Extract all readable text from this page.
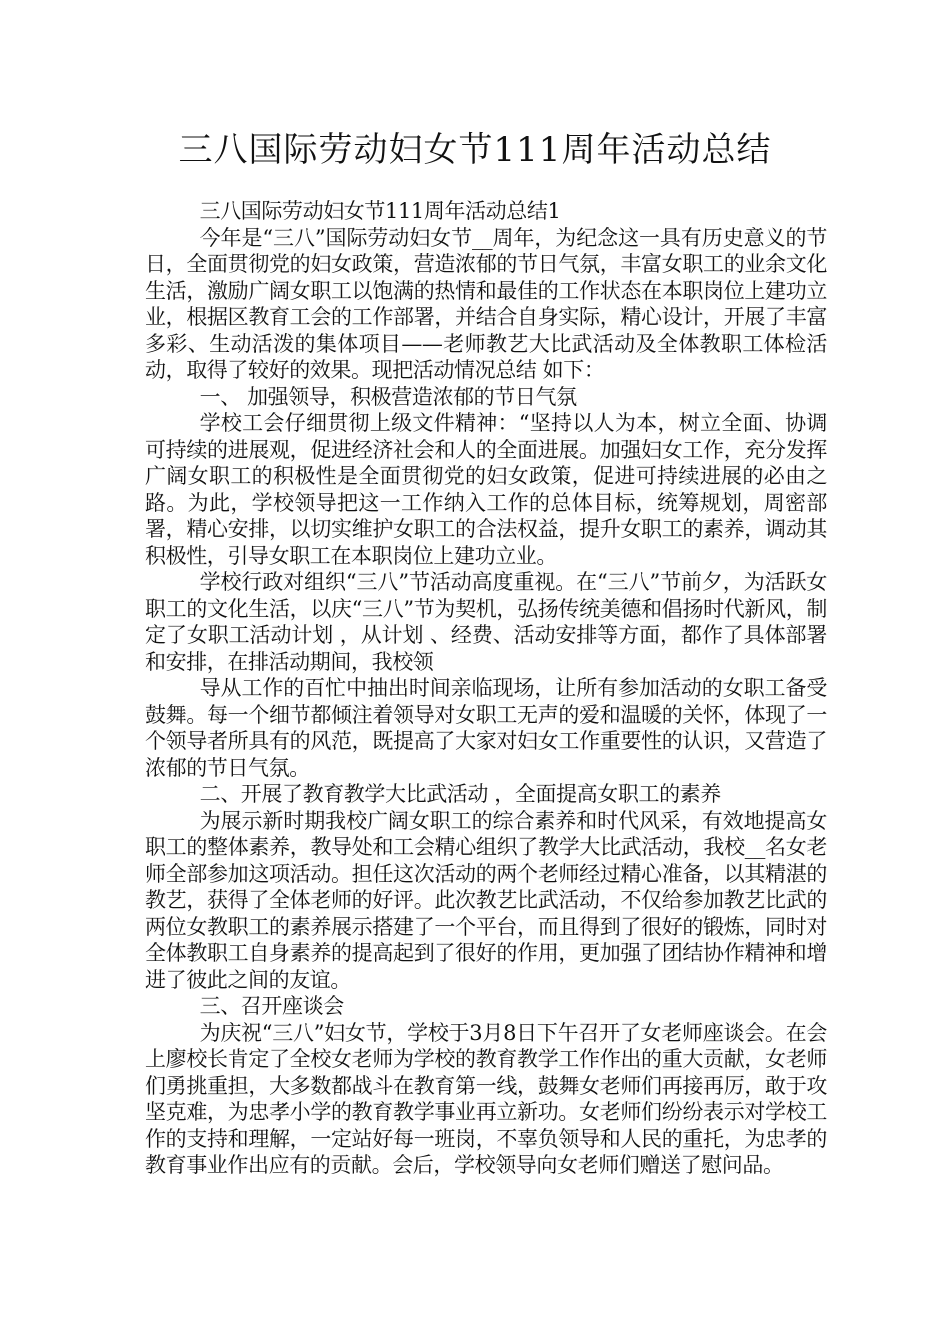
三八国际劳动妇女节111周年活动总结

三八国际劳动妇女节111周年活动总结1

今年是“三八”国际劳动妇女节__周年，为纪念这一具有历史意义的节日，全面贯彻党的妇女政策，营造浓郁的节日气氛，丰富女职工的业余文化生活，激励广阔女职工以饱满的热情和最佳的工作状态在本职岗位上建功立业，根据区教育工会的工作部署，并结合自身实际，精心设计，开展了丰富多彩、生动活泼的集体项目——老师教艺大比武活动及全体教职工体检活动，取得了较好的效果。现把活动情况总结 如下：

一、 加强领导，积极营造浓郁的节日气氛

学校工会仔细贯彻上级文件精神：“坚持以人为本，树立全面、协调可持续的进展观，促进经济社会和人的全面进展。加强妇女工作，充分发挥广阔女职工的积极性是全面贯彻党的妇女政策，促进可持续进展的必由之路。为此，学校领导把这一工作纳入工作的总体目标，统筹规划，周密部署，精心安排，以切实维护女职工的合法权益，提升女职工的素养，调动其积极性，引导女职工在本职岗位上建功立业。

学校行政对组织“三八”节活动高度重视。在“三八”节前夕，为活跃女职工的文化生活，以庆“三八”节为契机，弘扬传统美德和倡扬时代新风，制定了女职工活动计划 ，从计划 、经费、活动安排等方面，都作了具体部署和安排，在排活动期间，我校领

导从工作的百忙中抽出时间亲临现场，让所有参加活动的女职工备受鼓舞。每一个细节都倾注着领导对女职工无声的爱和温暖的关怀，体现了一个领导者所具有的风范，既提高了大家对妇女工作重要性的认识，又营造了浓郁的节日气氛。

二、开展了教育教学大比武活动 ，全面提高女职工的素养

为展示新时期我校广阔女职工的综合素养和时代风采，有效地提高女职工的整体素养，教导处和工会精心组织了教学大比武活动，我校__名女老师全部参加这项活动。担任这次活动的两个老师经过精心准备，以其精湛的教艺，获得了全体老师的好评。此次教艺比武活动，不仅给参加教艺比武的两位女教职工的素养展示搭建了一个平台，而且得到了很好的锻炼，同时对全体教职工自身素养的提高起到了很好的作用，更加强了团结协作精神和增进了彼此之间的友谊。

三、召开座谈会

为庆祝“三八”妇女节，学校于3月8日下午召开了女老师座谈会。在会上廖校长肯定了全校女老师为学校的教育教学工作作出的重大贡献，女老师们勇挑重担，大多数都战斗在教育第一线，鼓舞女老师们再接再厉，敢于攻坚克难，为忠孝小学的教育教学事业再立新功。女老师们纷纷表示对学校工作的支持和理解，一定站好每一班岗，不辜负领导和人民的重托，为忠孝的教育事业作出应有的贡献。会后，学校领导向女老师们赠送了慰问品。
